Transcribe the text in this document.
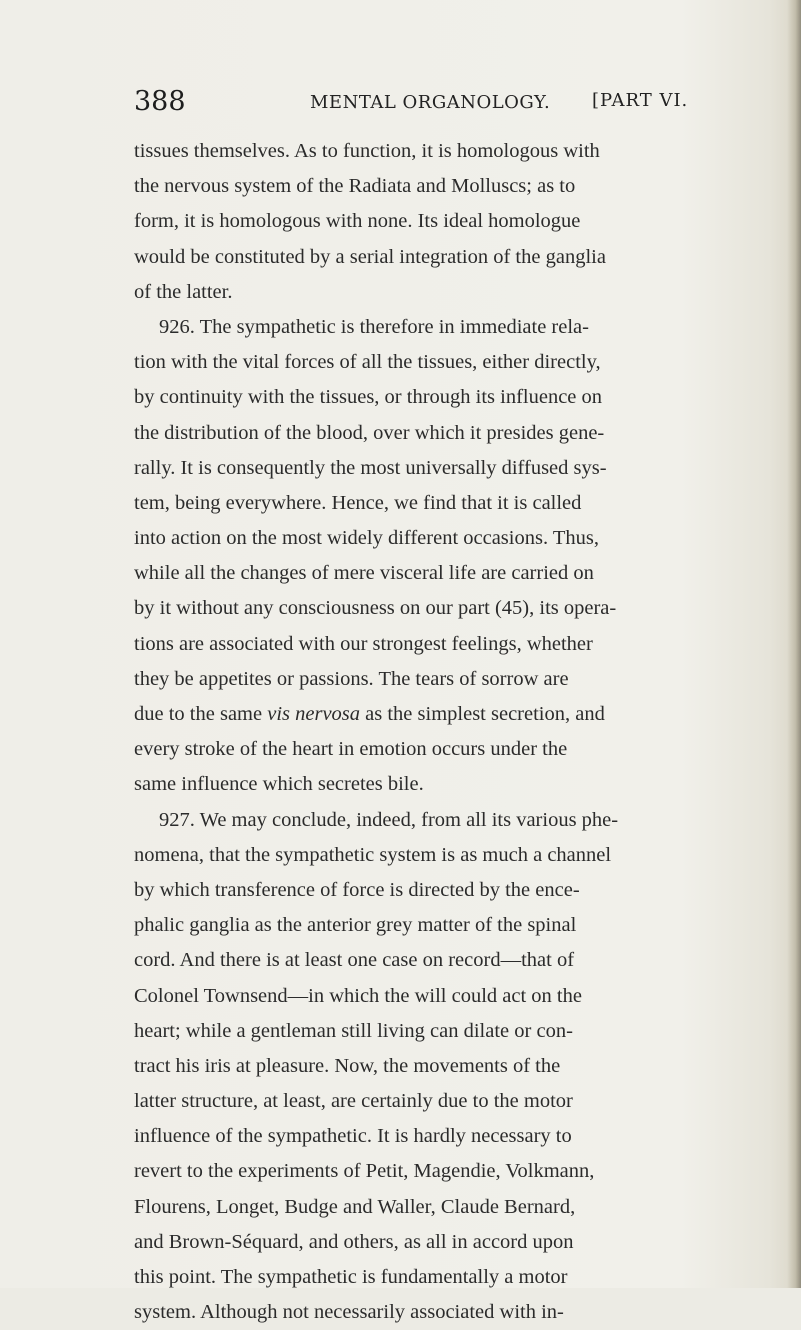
388	MENTAL ORGANOLOGY. [PART VI.
tissues themselves. As to function, it is homologous with
the nervous system of the Radiata and Molluscs; as to
form, it is homologous with none. Its ideal homologue
would be constituted by a serial integration of the ganglia
of the latter.
926. The sympathetic is therefore in immediate rela-
tion with the vital forces of all the tissues, either directly,
by continuity with the tissues, or through its influence on
the distribution of the blood, over which it presides gene-
rally. It is consequently the most universally diffused sys-
tem, being everywhere. Hence, we find that it is called
into action on the most widely different occasions. Thus,
while all the changes of mere visceral life are carried on
by it without any consciousness on our part (45), its opera-
tions are associated with our strongest feelings, whether
they be appetites or passions. The tears of sorrow are
due to the same vis nervosa as the simplest secretion, and
every stroke of the heart in emotion occurs under the
same influence which secretes bile.
927. We may conclude, indeed, from all its various phe-
nomena, that the sympathetic system is as much a channel
by which transference of force is directed by the ence-
phalic ganglia as the anterior grey matter of the spinal
cord. And there is at least one case on record—that of
Colonel Townsend—in which the will could act on the
heart; while a gentleman still living can dilate or con-
tract his iris at pleasure. Now, the movements of the
latter structure, at least, are certainly due to the motor
influence of the sympathetic. It is hardly necessary to
revert to the experiments of Petit, Magendie, Volkmann,
Flourens, Longet, Budge and Waller, Claude Bernard,
and Brown-Séquard, and others, as all in accord upon
this point. The sympathetic is fundamentally a motor
system. Although not necessarily associated with in-
